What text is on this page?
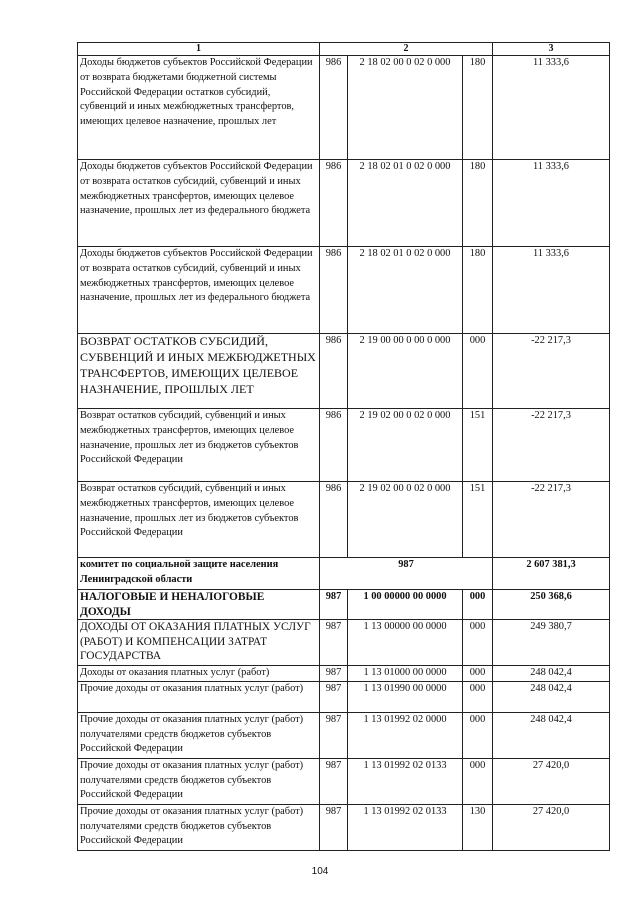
1	2			3
Доходы бюджетов субъектов Российской Федерации от возврата бюджетами бюджетной системы Российской Федерации остатков субсидий, субвенций и иных межбюджетных трансфертов, имеющих целевое назначение, прошлых лет	986	2 18 02 00 0 02 0 000	180	11 333,6
Доходы бюджетов субъектов Российской Федерации от возврата остатков субсидий, субвенций и иных межбюджетных трансфертов, имеющих целевое назначение, прошлых лет из федерального бюджета	986	2 18 02 01 0 02 0 000	180	11 333,6
Доходы бюджетов субъектов Российской Федерации от возврата остатков субсидий, субвенций и иных межбюджетных трансфертов, имеющих целевое назначение, прошлых лет из федерального бюджета	986	2 18 02 01 0 02 0 000	180	11 333,6
ВОЗВРАТ ОСТАТКОВ СУБСИДИЙ, СУБВЕНЦИЙ И ИНЫХ МЕЖБЮДЖЕТНЫХ ТРАНСФЕРТОВ, ИМЕЮЩИХ ЦЕЛЕВОЕ НАЗНАЧЕНИЕ, ПРОШЛЫХ ЛЕТ	986	2 19 00 00 0 00 0 000	000	-22 217,3
Возврат остатков субсидий, субвенций и иных межбюджетных трансфертов, имеющих целевое назначение, прошлых лет из бюджетов субъектов Российской Федерации	986	2 19 02 00 0 02 0 000	151	-22 217,3
Возврат остатков субсидий, субвенций и иных межбюджетных трансфертов, имеющих целевое назначение, прошлых лет из бюджетов субъектов Российской Федерации	986	2 19 02 00 0 02 0 000	151	-22 217,3
комитет по социальной защите населения Ленинградской области	987			2 607 381,3
НАЛОГОВЫЕ И НЕНАЛОГОВЫЕ ДОХОДЫ	987	1 00 00000 00 0000	000	250 368,6
ДОХОДЫ ОТ ОКАЗАНИЯ ПЛАТНЫХ УСЛУГ (РАБОТ) И КОМПЕНСАЦИИ ЗАТРАТ ГОСУДАРСТВА	987	1 13 00000 00 0000	000	249 380,7
Доходы от оказания платных услуг (работ)	987	1 13 01000 00 0000	000	248 042,4
Прочие доходы от оказания платных услуг (работ)	987	1 13 01990 00 0000	000	248 042,4
Прочие доходы от оказания платных услуг (работ) получателями средств бюджетов субъектов Российской Федерации	987	1 13 01992 02 0000	000	248 042,4
Прочие доходы от оказания платных услуг (работ) получателями средств бюджетов субъектов Российской Федерации	987	1 13 01992 02 0133	000	27 420,0
Прочие доходы от оказания платных услуг (работ) получателями средств бюджетов субъектов Российской Федерации	987	1 13 01992 02 0133	130	27 420,0
104
